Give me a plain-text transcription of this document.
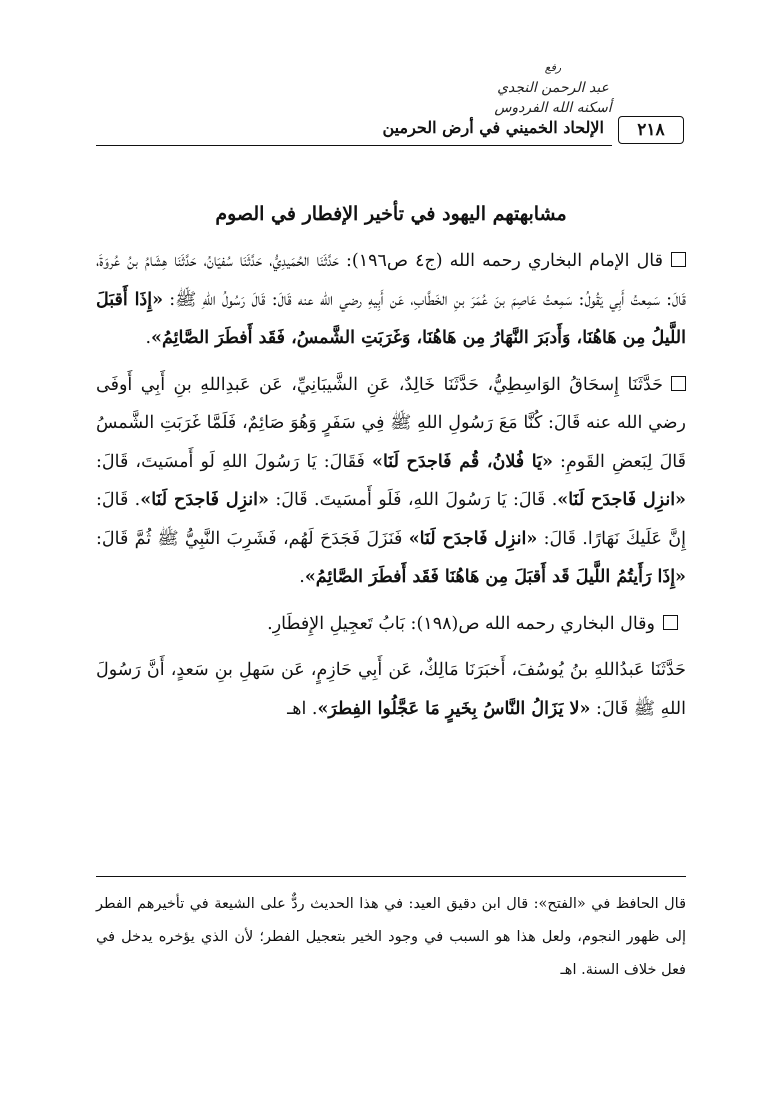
رفع
عبد الرحمن النجدي
أسكنه الله الفردوس
الإلحاد الخميني في أرض الحرمين	٢١٨
مشابهتهم اليهود في تأخير الإفطار في الصوم

قال الإمام البخاري رحمه الله (ج٤ ص١٩٦): حَدَّثَنَا الحُمَيدِيُّ، حَدَّثَنَا سُفيَانُ، حَدَّثَنَا هِشَامُ بنُ عُروَةَ، قَالَ: سَمِعتُ أَبِي يَقُولُ: سَمِعتُ عَاصِمَ بنَ عُمَرَ بنِ الخَطَّابِ، عَن أَبِيهِ رضي الله عنه قَالَ: قَالَ رَسُولُ اللهِ ﷺ: «إِذَا أَقبَلَ اللَّيلُ مِن هَاهُنَا، وَأَدبَرَ النَّهَارُ مِن هَاهُنَا، وَغَرَبَتِ الشَّمسُ، فَقَد أَفطَرَ الصَّائِمُ».

حَدَّثَنَا إِسحَاقُ الوَاسِطِيُّ، حَدَّثَنَا خَالِدٌ، عَنِ الشَّيبَانِيِّ، عَن عَبدِاللهِ بنِ أَبِي أَوفَى رضي الله عنه قَالَ: كُنَّا مَعَ رَسُولِ اللهِ ﷺ فِي سَفَرٍ وَهُوَ صَائِمٌ، فَلَمَّا غَرَبَتِ الشَّمسُ قَالَ لِبَعضِ القَومِ: «يَا فُلانُ، قُم فَاجدَح لَنَا» فَقَالَ: يَا رَسُولَ اللهِ لَو أَمسَيتَ، قَالَ: «انزِل فَاجدَح لَنَا». قَالَ: يَا رَسُولَ اللهِ، فَلَو أَمسَيتَ. قَالَ: «انزِل فَاجدَح لَنَا». قَالَ: إِنَّ عَلَيكَ نَهَارًا. قَالَ: «انزِل فَاجدَح لَنَا» فَنَزَلَ فَجَدَحَ لَهُم، فَشَرِبَ النَّبِيُّ ﷺ ثُمَّ قَالَ: «إِذَا رَأَيتُمُ اللَّيلَ قَد أَقبَلَ مِن هَاهُنَا فَقَد أَفطَرَ الصَّائِمُ».

وقال البخاري رحمه الله ص(١٩٨): بَابُ تَعجِيلِ الإِفطَارِ.

حَدَّثَنَا عَبدُاللهِ بنُ يُوسُفَ، أَخبَرَنَا مَالِكٌ، عَن أَبِي حَازِمٍ، عَن سَهلِ بنِ سَعدٍ، أَنَّ رَسُولَ اللهِ ﷺ قَالَ: «لا يَزَالُ النَّاسُ بِخَيرٍ مَا عَجَّلُوا الفِطرَ». اهـ

قال الحافظ في «الفتح»: قال ابن دقيق العيد: في هذا الحديث ردٌّ على الشيعة في تأخيرهم الفطر إلى ظهور النجوم، ولعل هذا هو السبب في وجود الخير بتعجيل الفطر؛ لأن الذي يؤخره يدخل في فعل خلاف السنة. اهـ
